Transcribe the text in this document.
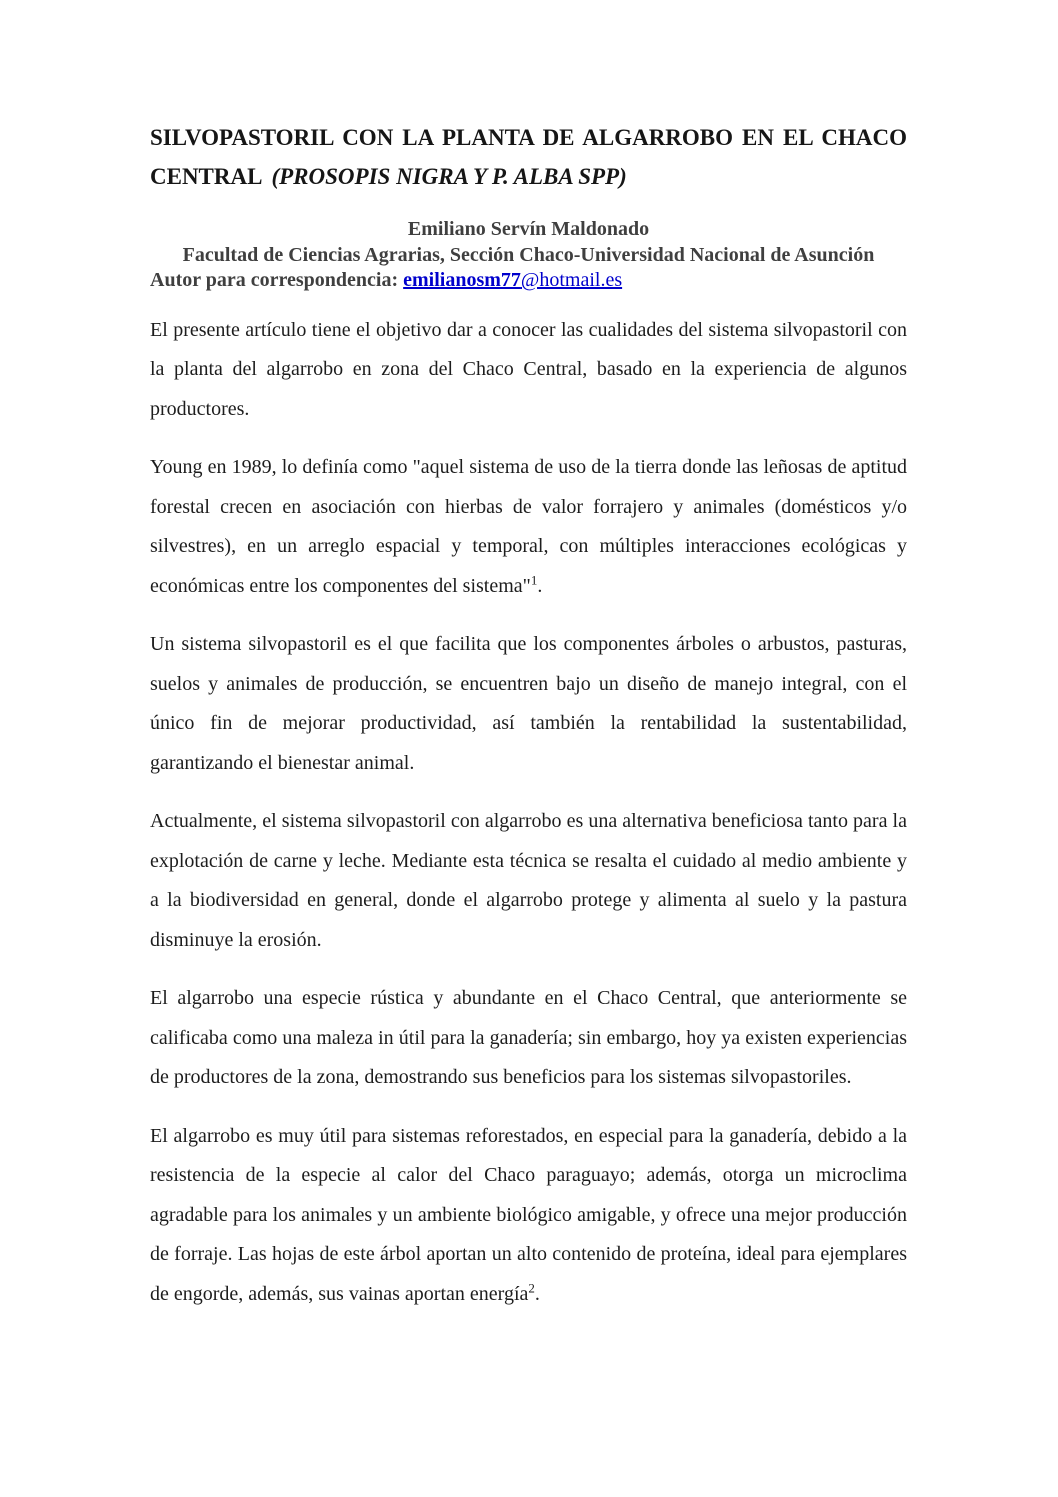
SILVOPASTORIL CON LA PLANTA DE ALGARROBO EN EL CHACO
CENTRAL (PROSOPIS NIGRA Y P. ALBA SPP)
Emiliano Servín Maldonado
Facultad de Ciencias Agrarias, Sección Chaco-Universidad Nacional de Asunción
Autor para correspondencia: emilianosm77@hotmail.es

El presente artículo tiene el objetivo dar a conocer las cualidades del sistema silvopastoril con la planta del algarrobo en zona del Chaco Central, basado en la experiencia de algunos productores.

Young en 1989, lo definía como "aquel sistema de uso de la tierra donde las leñosas de aptitud forestal crecen en asociación con hierbas de valor forrajero y animales (domésticos y/o silvestres), en un arreglo espacial y temporal, con múltiples interacciones ecológicas y económicas entre los componentes del sistema"$^1$.

Un sistema silvopastoril es el que facilita que los componentes árboles o arbustos, pasturas, suelos y animales de producción, se encuentren bajo un diseño de manejo integral, con el único fin de mejorar productividad, así también la rentabilidad la sustentabilidad, garantizando el bienestar animal.

Actualmente, el sistema silvopastoril con algarrobo es una alternativa beneficiosa tanto para la explotación de carne y leche. Mediante esta técnica se resalta el cuidado al medio ambiente y a la biodiversidad en general, donde el algarrobo protege y alimenta al suelo y la pastura disminuye la erosión.

El algarrobo una especie rústica y abundante en el Chaco Central, que anteriormente se calificaba como una maleza in útil para la ganadería; sin embargo, hoy ya existen experiencias de productores de la zona, demostrando sus beneficios para los sistemas silvopastoriles.

El algarrobo es muy útil para sistemas reforestados, en especial para la ganadería, debido a la resistencia de la especie al calor del Chaco paraguayo; además, otorga un microclima agradable para los animales y un ambiente biológico amigable, y ofrece una mejor producción de forraje. Las hojas de este árbol aportan un alto contenido de proteína, ideal para ejemplares de engorde, además, sus vainas aportan energía$^2$.
